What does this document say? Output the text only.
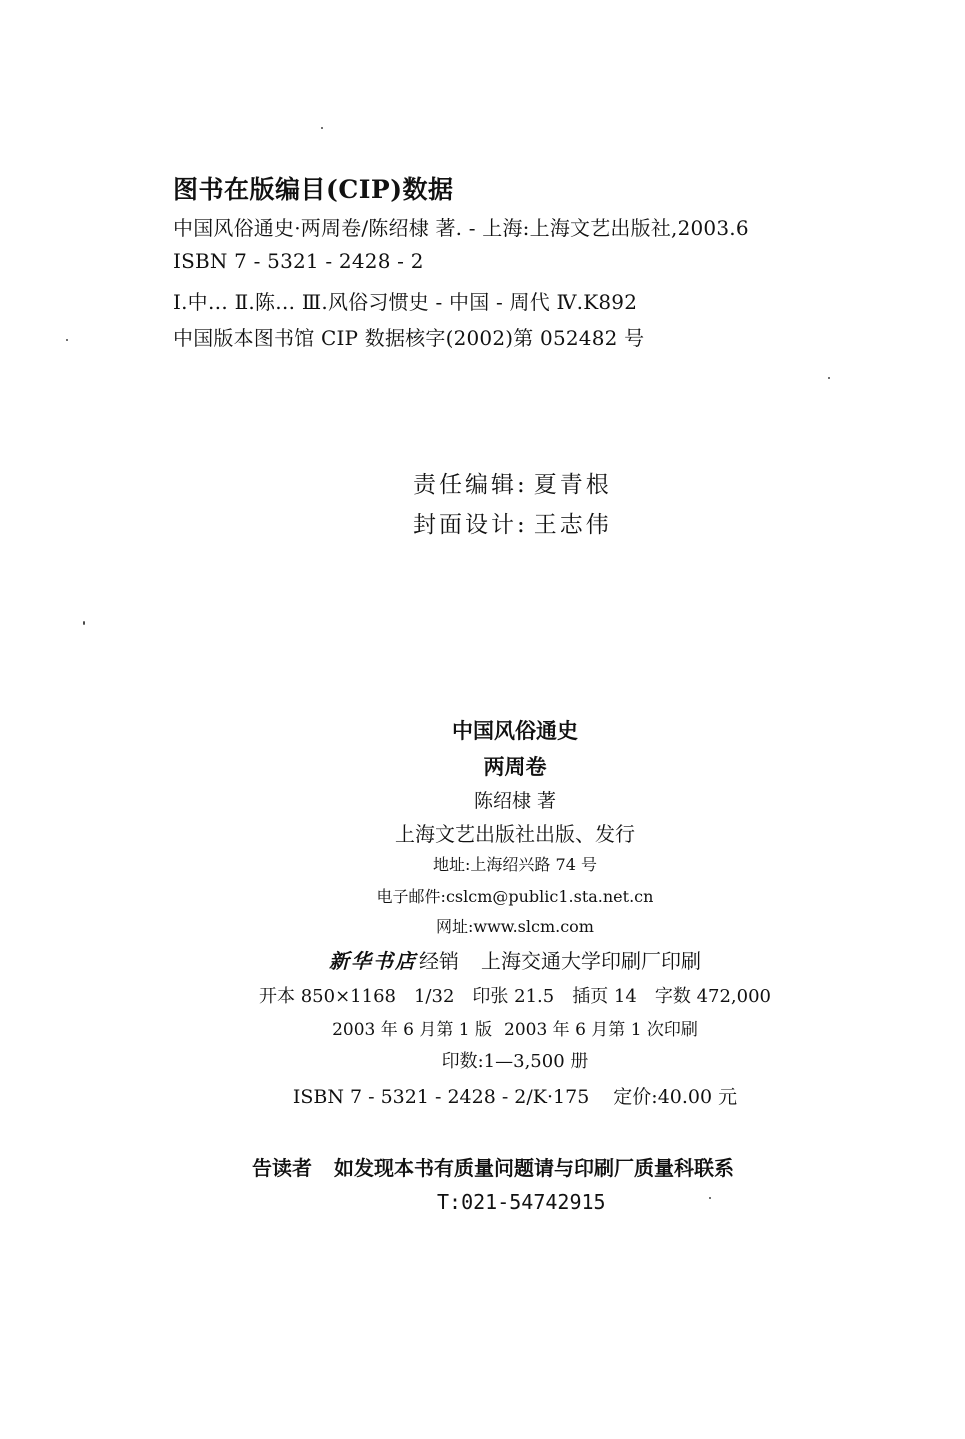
图书在版编目(CIP)数据
中国风俗通史·两周卷/陈绍棣 著. - 上海:上海文艺出版社,2003.6
ISBN 7 - 5321 - 2428 - 2
Ⅰ.中… Ⅱ.陈… Ⅲ.风俗习惯史 - 中国 - 周代 Ⅳ.K892
中国版本图书馆 CIP 数据核字(2002)第 052482 号
责任编辑: 夏青根
封面设计: 王志伟
中国风俗通史
两周卷
陈绍棣 著
上海文艺出版社出版、发行
地址:上海绍兴路 74 号
电子邮件:cslcm@public1.sta.net.cn
网址:www.slcm.com
新华书店 经销 上海交通大学印刷厂印刷
开本 850×1168 1/32 印张 21.5 插页 14 字数 472,000
2003 年 6 月第 1 版 2003 年 6 月第 1 次印刷
印数:1—3,500 册
ISBN 7 - 5321 - 2428 - 2/K·175 定价:40.00 元
告读者 如发现本书有质量问题请与印刷厂质量科联系
T:021-54742915
